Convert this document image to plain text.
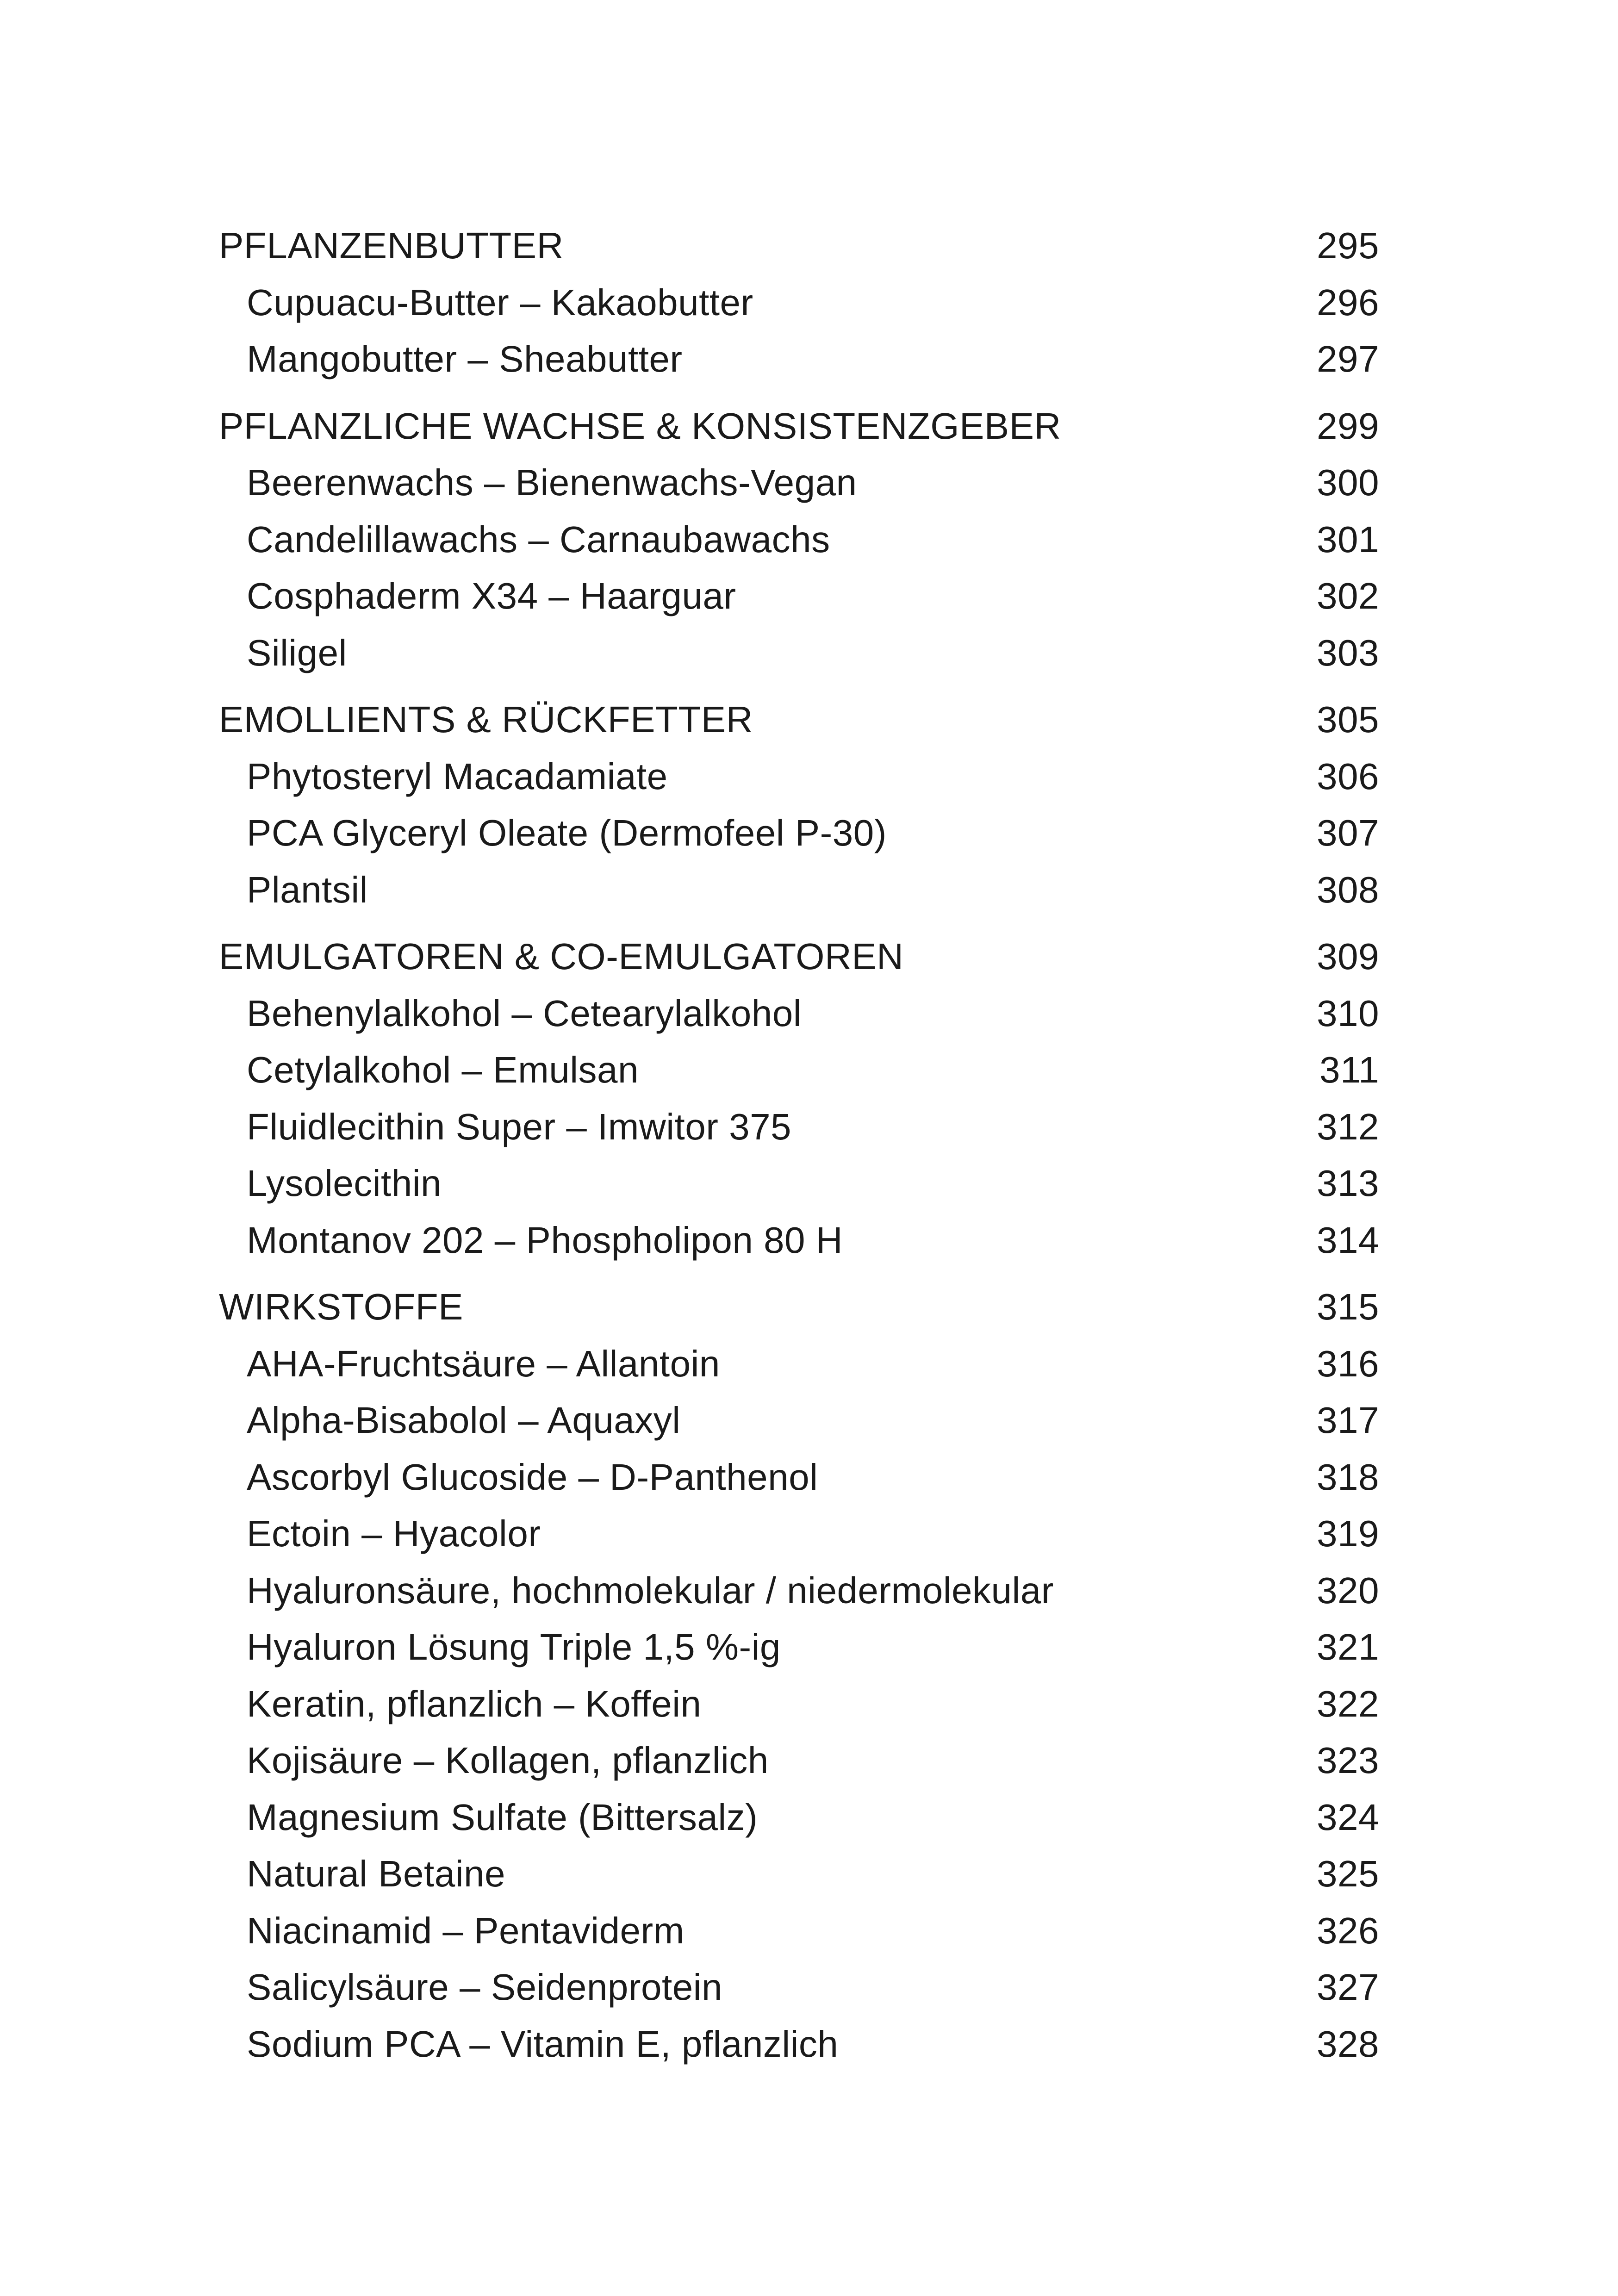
PFLANZENBUTTER	295
Cupuacu-Butter – Kakaobutter	296
Mangobutter – Sheabutter	297
PFLANZLICHE WACHSE & KONSISTENZGEBER	299
Beerenwachs – Bienenwachs-Vegan	300
Candelillawachs – Carnaubawachs	301
Cosphaderm X34 – Haarguar	302
Siligel	303
EMOLLIENTS & RÜCKFETTER	305
Phytosteryl Macadamiate	306
PCA Glyceryl Oleate (Dermofeel P-30)	307
Plantsil	308
EMULGATOREN & CO-EMULGATOREN	309
Behenylalkohol – Cetearylalkohol	310
Cetylalkohol – Emulsan	311
Fluidlecithin Super – Imwitor 375	312
Lysolecithin	313
Montanov 202 – Phospholipon 80 H	314
WIRKSTOFFE	315
AHA-Fruchtsäure – Allantoin	316
Alpha-Bisabolol – Aquaxyl	317
Ascorbyl Glucoside – D-Panthenol	318
Ectoin – Hyacolor	319
Hyaluronsäure, hochmolekular / niedermolekular	320
Hyaluron Lösung Triple 1,5 %-ig	321
Keratin, pflanzlich – Koffein	322
Kojisäure – Kollagen, pflanzlich	323
Magnesium Sulfate (Bittersalz)	324
Natural Betaine	325
Niacinamid – Pentaviderm	326
Salicylsäure – Seidenprotein	327
Sodium PCA – Vitamin E, pflanzlich	328
